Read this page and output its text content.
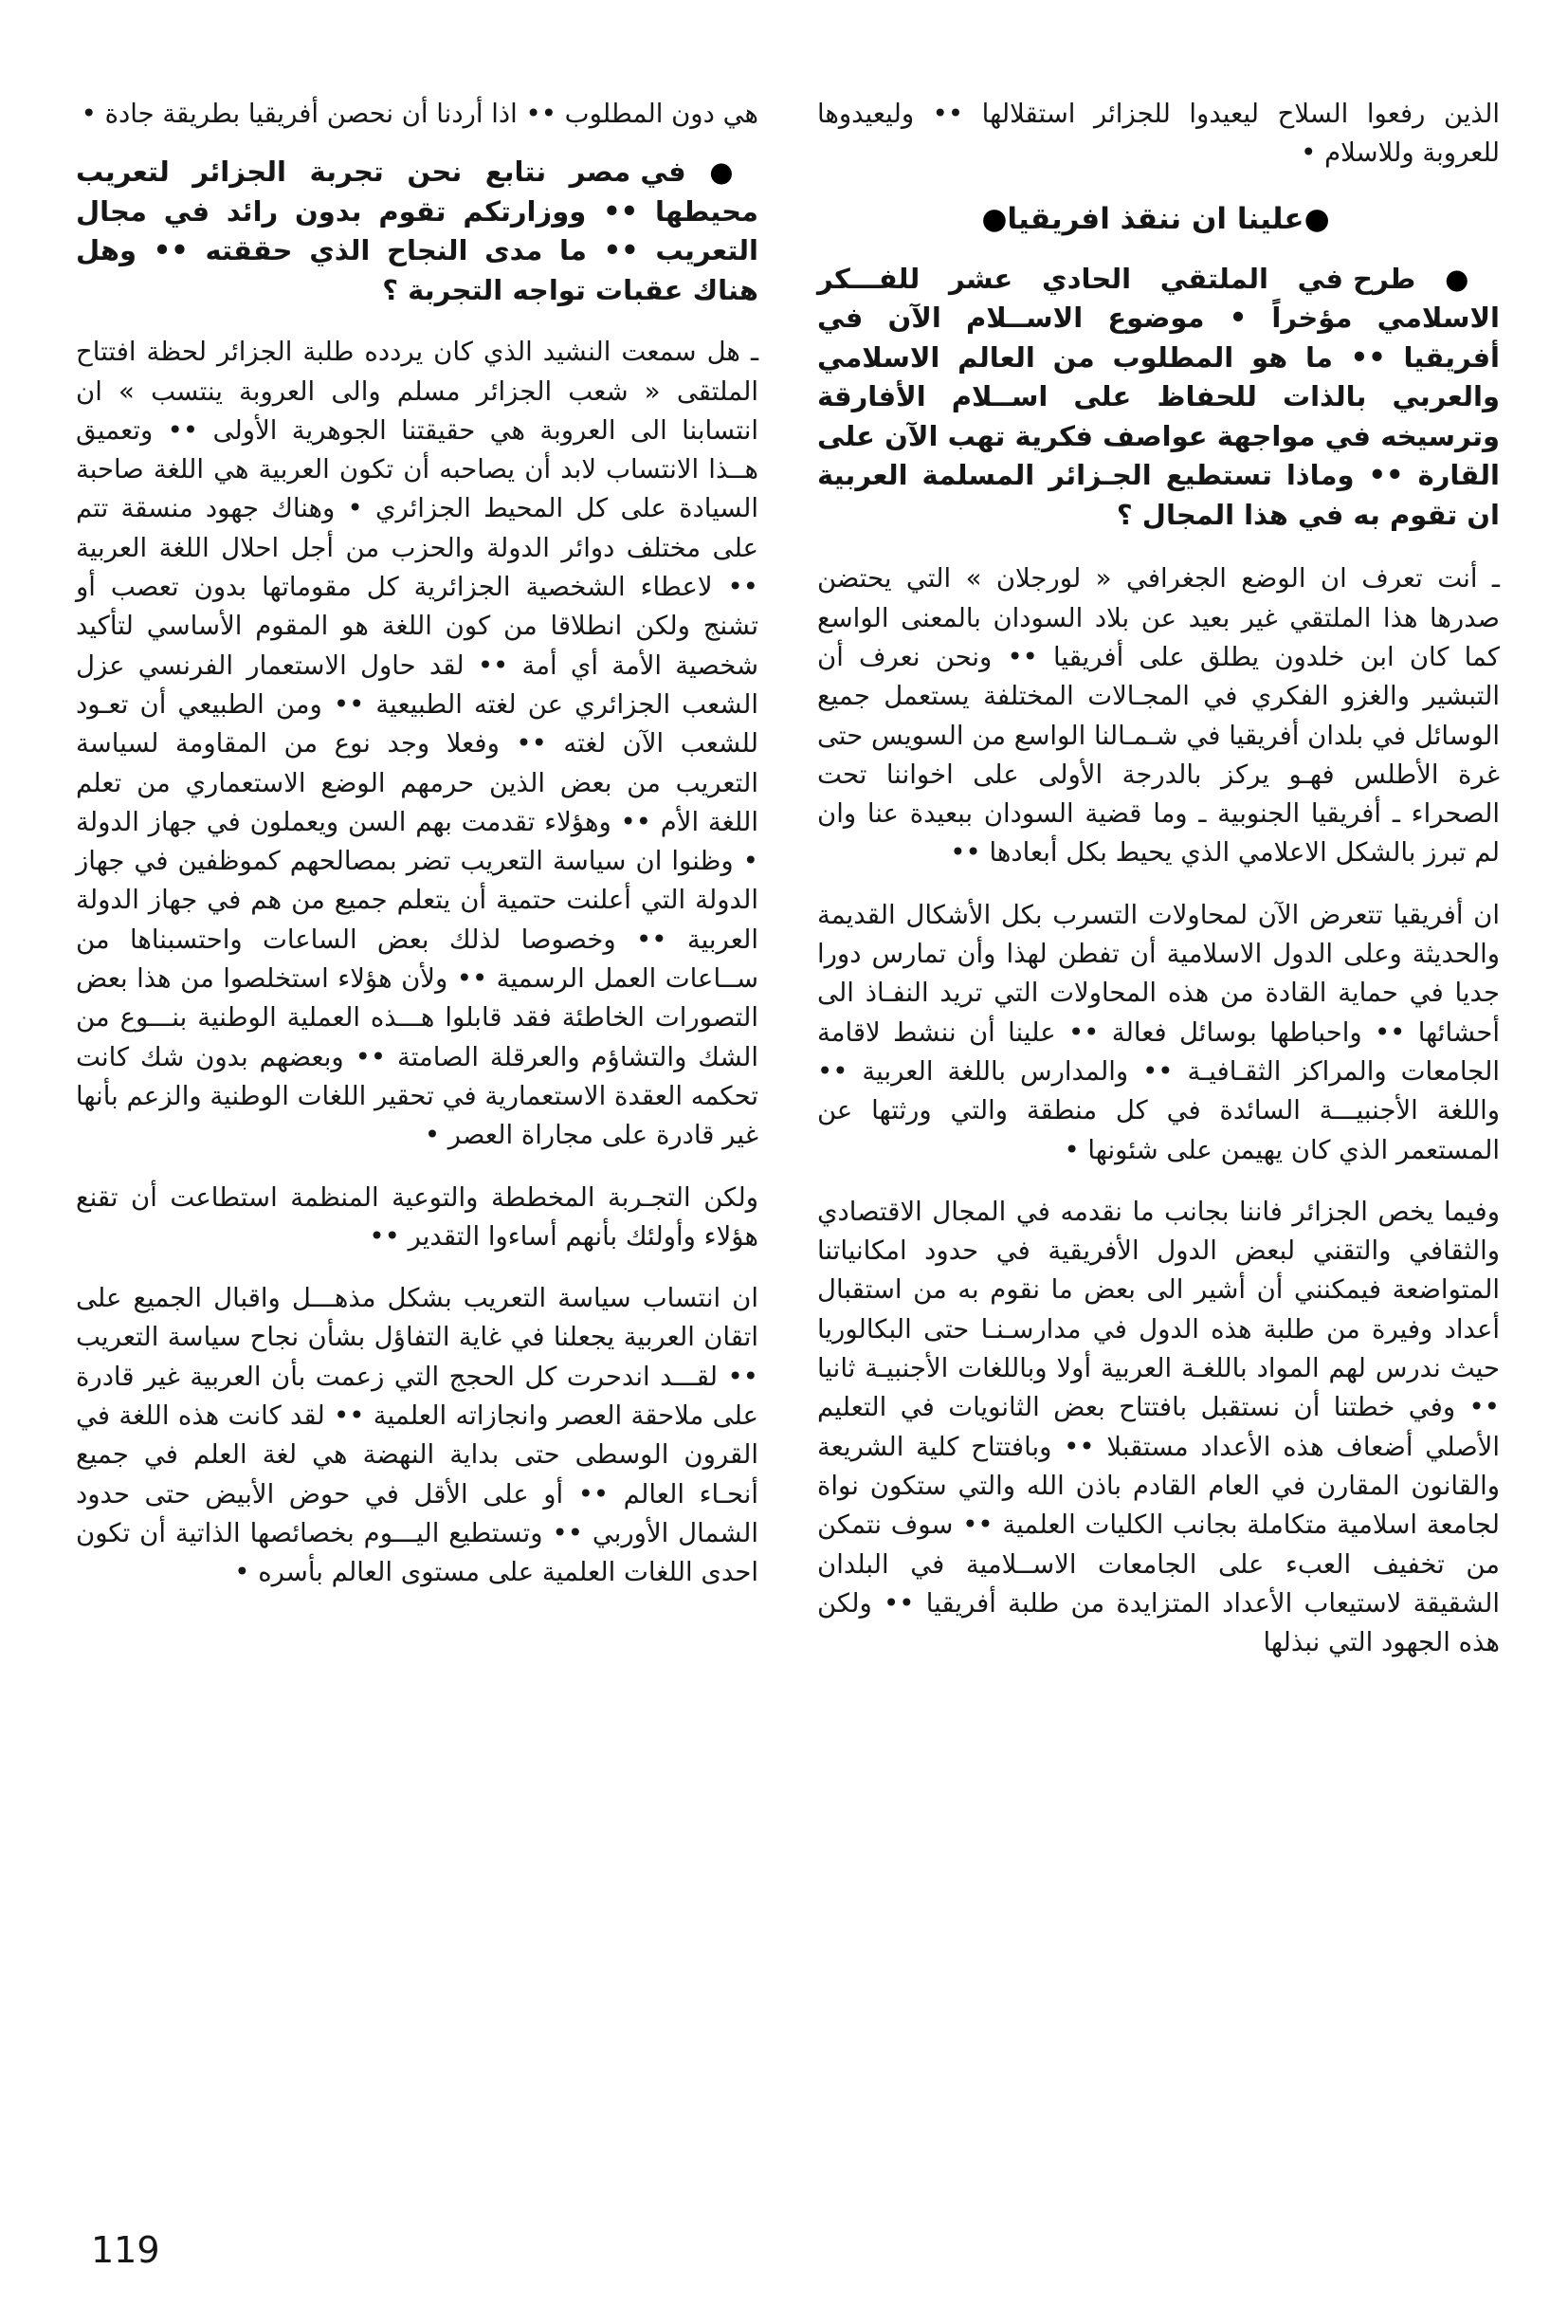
الذين رفعوا السلاح ليعيدوا للجزائر استقلالها •• وليعيدوها للعروبة وللاسلام •

●علينا ان ننقذ افريقيا●

● طرح في الملتقي الحادي عشر للفـــكر الاسلامي مؤخراً • موضوع الاســلام الآن في أفريقيا •• ما هو المطلوب من العالم الاسلامي والعربي بالذات للحفاظ على اســلام الأفارقة وترسيخه في مواجهة عواصف فكرية تهب الآن على القارة •• وماذا تستطيع الجـزائر المسلمة العربية ان تقوم به في هذا المجال ؟

ـ أنت تعرف ان الوضع الجغرافي « لورجلان » التي يحتضن صدرها هذا الملتقي غير بعيد عن بلاد السودان بالمعنى الواسع كما كان ابن خلدون يطلق على أفريقيا •• ونحن نعرف أن التبشير والغزو الفكري في المجـالات المختلفة يستعمل جميع الوسائل في بلدان أفريقيا في شـمـالنا الواسع من السويس حتى غرة الأطلس فهـو يركز بالدرجة الأولى على اخواننا تحت الصحراء ـ أفريقيا الجنوبية ـ وما قضية السودان ببعيدة عنا وان لم تبرز بالشكل الاعلامي الذي يحيط بكل أبعادها ••

ان أفريقيا تتعرض الآن لمحاولات التسرب بكل الأشكال القديمة والحديثة وعلى الدول الاسلامية أن تفطن لهذا وأن تمارس دورا جديا في حماية القادة من هذه المحاولات التي تريد النفـاذ الى أحشائها •• واحباطها بوسائل فعالة •• علينا أن ننشط لاقامة الجامعات والمراكز الثقـافيـة •• والمدارس باللغة العربية •• واللغة الأجنبيـــة السائدة في كل منطقة والتي ورثتها عن المستعمر الذي كان يهيمن على شئونها •

وفيما يخص الجزائر فاننا بجانب ما نقدمه في المجال الاقتصادي والثقافي والتقني لبعض الدول الأفريقية في حدود امكانياتنا المتواضعة فيمكنني أن أشير الى بعض ما نقوم به من استقبال أعداد وفيرة من طلبة هذه الدول في مدارسـنـا حتى البكالوريا حيث ندرس لهم المواد باللغـة العربية أولا وباللغات الأجنبيـة ثانيا •• وفي خطتنا أن نستقبل بافتتاح بعض الثانويات في التعليم الأصلي أضعاف هذه الأعداد مستقبلا •• وبافتتاح كلية الشريعة والقانون المقارن في العام القادم باذن الله والتي ستكون نواة لجامعة اسلامية متكاملة بجانب الكليات العلمية •• سوف نتمكن من تخفيف العبء على الجامعات الاســلامية في البلدان الشقيقة لاستيعاب الأعداد المتزايدة من طلبة أفريقيا •• ولكن هذه الجهود التي نبذلها

هي دون المطلوب •• اذا أردنا أن نحصن أفريقيا بطريقة جادة •

● في مصر نتابع نحن تجربة الجزائر لتعريب محيطها •• ووزارتكم تقوم بدون رائد في مجال التعريب •• ما مدى النجاح الذي حققته •• وهل هناك عقبات تواجه التجربة ؟

ـ هل سمعت النشيد الذي كان يردده طلبة الجزائر لحظة افتتاح الملتقى « شعب الجزائر مسلم والى العروبة ينتسب » ان انتسابنا الى العروبة هي حقيقتنا الجوهرية الأولى •• وتعميق هــذا الانتساب لابد أن يصاحبه أن تكون العربية هي اللغة صاحبة السيادة على كل المحيط الجزائري • وهناك جهود منسقة تتم على مختلف دوائر الدولة والحزب من أجل احلال اللغة العربية •• لاعطاء الشخصية الجزائرية كل مقوماتها بدون تعصب أو تشنج ولكن انطلاقا من كون اللغة هو المقوم الأساسي لتأكيد شخصية الأمة أي أمة •• لقد حاول الاستعمار الفرنسي عزل الشعب الجزائري عن لغته الطبيعية •• ومن الطبيعي أن تعـود للشعب الآن لغته •• وفعلا وجد نوع من المقاومة لسياسة التعريب من بعض الذين حرمهم الوضع الاستعماري من تعلم اللغة الأم •• وهؤلاء تقدمت بهم السن ويعملون في جهاز الدولة • وظنوا ان سياسة التعريب تضر بمصالحهم كموظفين في جهاز الدولة التي أعلنت حتمية أن يتعلم جميع من هم في جهاز الدولة العربية •• وخصوصا لذلك بعض الساعات واحتسبناها من ســاعات العمل الرسمية •• ولأن هؤلاء استخلصوا من هذا بعض التصورات الخاطئة فقد قابلوا هـــذه العملية الوطنية بنـــوع من الشك والتشاؤم والعرقلة الصامتة •• وبعضهم بدون شك كانت تحكمه العقدة الاستعمارية في تحقير اللغات الوطنية والزعم بأنها غير قادرة على مجاراة العصر •

ولكن التجـربة المخططة والتوعية المنظمة استطاعت أن تقنع هؤلاء وأولئك بأنهم أساءوا التقدير ••

ان انتساب سياسة التعريب بشكل مذهـــل واقبال الجميع على اتقان العربية يجعلنا في غاية التفاؤل بشأن نجاح سياسة التعريب •• لقـــد اندحرت كل الحجج التي زعمت بأن العربية غير قادرة على ملاحقة العصر وانجازاته العلمية •• لقد كانت هذه اللغة في القرون الوسطى حتى بداية النهضة هي لغة العلم في جميع أنحـاء العالم •• أو على الأقل في حوض الأبيض حتى حدود الشمال الأوربي •• وتستطيع اليـــوم بخصائصها الذاتية أن تكون احدى اللغات العلمية على مستوى العالم بأسره •

119
